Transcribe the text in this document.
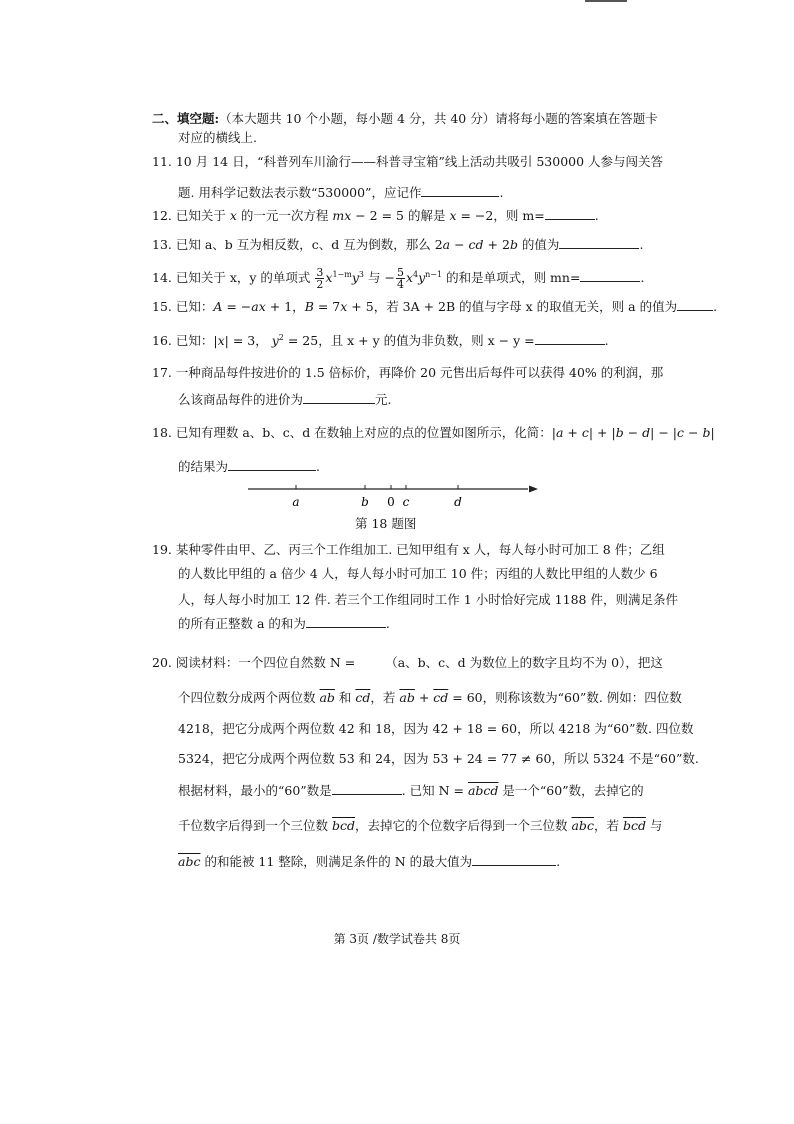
二、填空题:（本大题共 10 个小题，每小题 4 分，共 40 分）请将每小题的答案填在答题卡
对应的横线上.
11. 10 月 14 日，“科普列车川渝行——科普寻宝箱”线上活动共吸引 530000 人参与闯关答
题. 用科学记数法表示数“530000”，应记作	.
12. 已知关于 x 的一元一次方程 mx − 2 = 5 的解是 x = −2，则 m=	.
13. 已知 a、b 互为相反数，c、d 互为倒数，那么 2a − cd + 2b 的值为	.
14. 已知关于 x，y 的单项式 $\frac{3}{2} x^{1-m}y^3$ 与 − $\frac{5}{4} x^4y^{n-1}$ 的和是单项式，则 mn=	.
15. 已知：A = −ax + 1，B = 7x + 5，若 3A + 2B 的值与字母 x 的取值无关，则 a 的值为	.
16. 已知：|x| = 3， $y^2 = 25$，且 x + y 的值为非负数，则 x − y =	.
17. 一种商品每件按进价的 1.5 倍标价，再降价 20 元售出后每件可以获得 40% 的利润，那
么该商品每件的进价为	元.
18. 已知有理数 a、b、c、d 在数轴上对应的点的位置如图所示，化简：|a + c| + |b − d| − |c − b|
的结果为	.
a	b 0 c	d
第 18 题图
19. 某种零件由甲、乙、丙三个工作组加工. 已知甲组有 x 人，每人每小时可加工 8 件；乙组
的人数比甲组的 a 倍少 4 人，每人每小时可加工 10 件；丙组的人数比甲组的人数少 6
人，每人每小时加工 12 件. 若三个工作组同时工作 1 小时恰好完成 1188 件，则满足条件
的所有正整数 a 的和为	.
20. 阅读材料：一个四位自然数 N = （a、b、c、d 为数位上的数字且均不为 0），把这
个四位数分成两个两位数 $\overline{ab}$ 和 $\overline{cd}$，若 $\overline{ab} + \overline{cd} = 60$，则称该数为“60”数. 例如：四位数
4218，把它分成两个两位数 42 和 18，因为 42 + 18 = 60，所以 4218 为“60”数. 四位数
5324，把它分成两个两位数 53 和 24，因为 53 + 24 = 77 ≠ 60，所以 5324 不是“60”数.
根据材料，最小的“60”数是	. 已知 N = abcd 是一个“60”数，去掉它的
千位数字后得到一个三位数 $\overline{bcd}$，去掉它的个位数字后得到一个三位数 $\overline{abc}$，若 $\overline{bcd}$ 与
$\overline{abc}$ 的和能被 11 整除，则满足条件的 N 的最大值为	.
第 3页 /数学试卷共 8页
